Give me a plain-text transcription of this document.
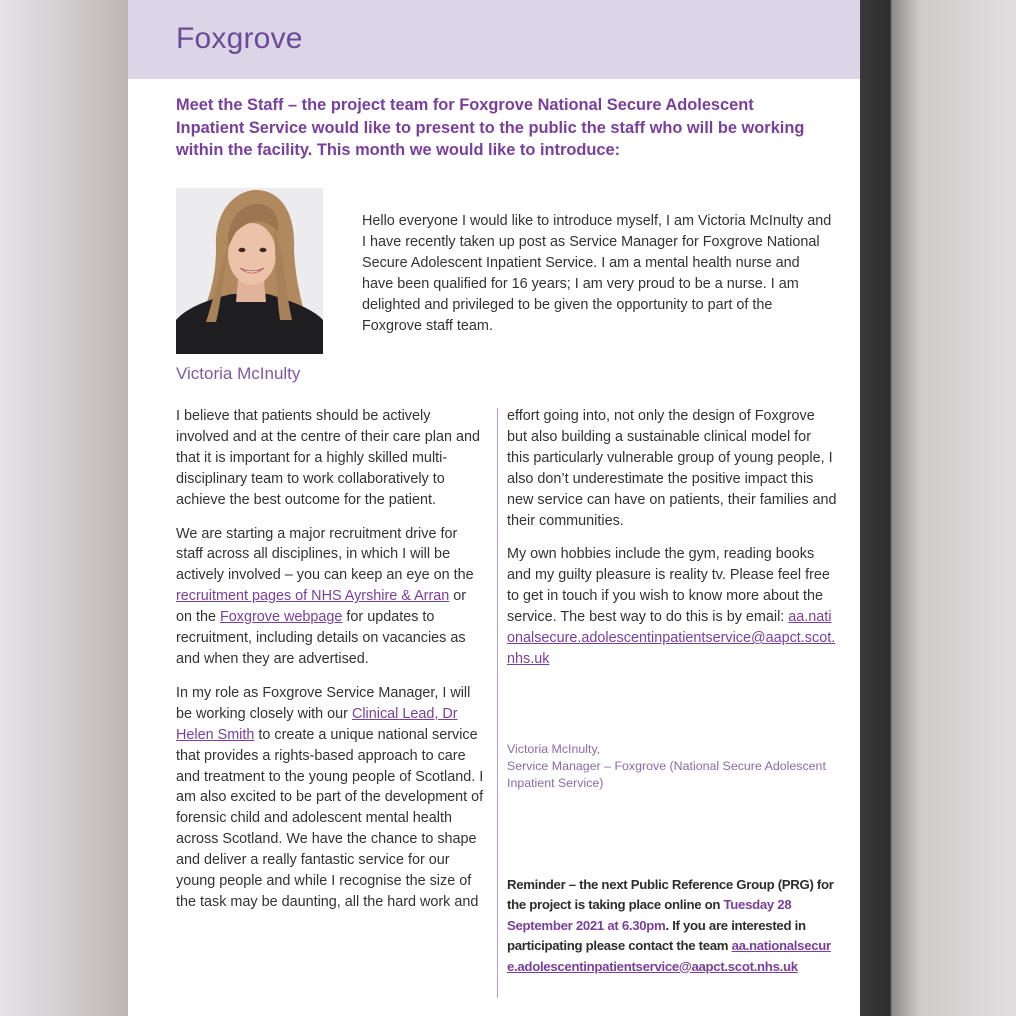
Foxgrove
Meet the Staff – the project team for Foxgrove National Secure Adolescent Inpatient Service would like to present to the public the staff who will be working within the facility. This month we would like to introduce:
Victoria McInulty
Hello everyone I would like to introduce myself, I am Victoria McInulty and I have recently taken up post as Service Manager for Foxgrove National Secure Adolescent Inpatient Service. I am a mental health nurse and have been qualified for 16 years; I am very proud to be a nurse. I am delighted and privileged to be given the opportunity to part of the Foxgrove staff team.

I believe that patients should be actively involved and at the centre of their care plan and that it is important for a highly skilled multi-disciplinary team to work collaboratively to achieve the best outcome for the patient.

We are starting a major recruitment drive for staff across all disciplines, in which I will be actively involved – you can keep an eye on the recruitment pages of NHS Ayrshire & Arran or on the Foxgrove webpage for updates to recruitment, including details on vacancies as and when they are advertised.

In my role as Foxgrove Service Manager, I will be working closely with our Clinical Lead, Dr Helen Smith to create a unique national service that provides a rights-based approach to care and treatment to the young people of Scotland. I am also excited to be part of the development of forensic child and adolescent mental health across Scotland. We have the chance to shape and deliver a really fantastic service for our young people and while I recognise the size of the task may be daunting, all the hard work and

effort going into, not only the design of Foxgrove but also building a sustainable clinical model for this particularly vulnerable group of young people, I also don’t underestimate the positive impact this new service can have on patients, their families and their communities.

My own hobbies include the gym, reading books and my guilty pleasure is reality tv. Please feel free to get in touch if you wish to know more about the service. The best way to do this is by email: aa.nationalsecure.adolescentinpatientservice@aapct.scot.nhs.uk

Victoria McInulty,
Service Manager – Foxgrove (National Secure Adolescent Inpatient Service)
Reminder – the next Public Reference Group (PRG) for the project is taking place online on Tuesday 28 September 2021 at 6.30pm. If you are interested in participating please contact the team aa.nationalsecure.adolescentinpatientservice@aapct.scot.nhs.uk
